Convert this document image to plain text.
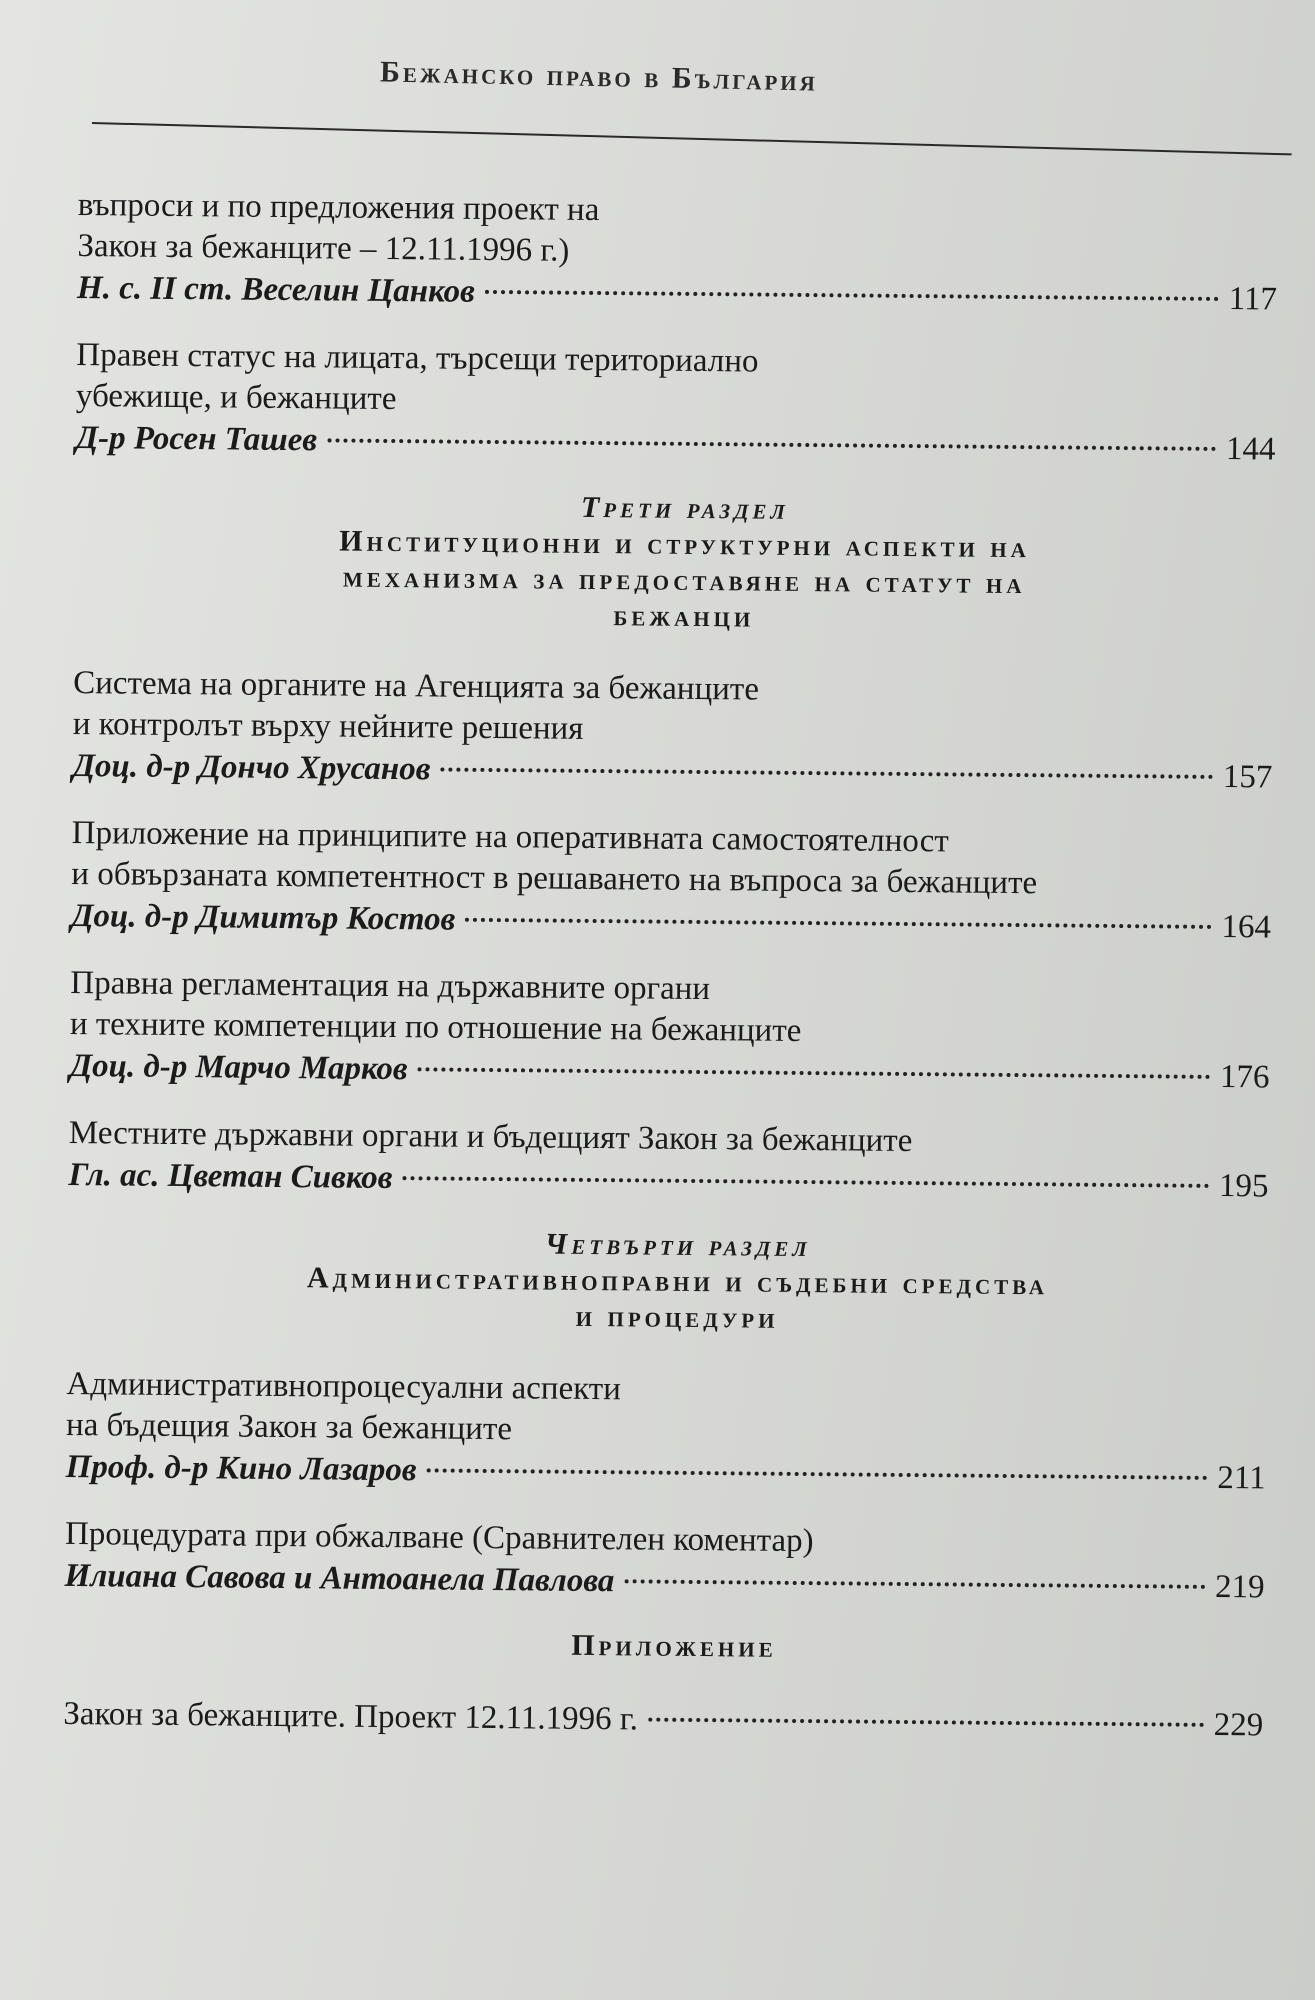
Бежанско право в България
въпроси и по предложения проект на
Закон за бежанците – 12.11.1996 г.)
Н. с. II ст. Веселин Цанков	117
Правен статус на лицата, търсещи териториално
убежище, и бежанците
Д-р Росен Ташев	144
Трети раздел
Институционни и структурни аспекти на
механизма за предоставяне на статут на
бежанци
Система на органите на Агенцията за бежанците
и контролът върху нейните решения
Доц. д-р Дончо Хрусанов	157
Приложение на принципите на оперативната самостоятелност
и обвързаната компетентност в решаването на въпроса за бежанците
Доц. д-р Димитър Костов	164
Правна регламентация на държавните органи
и техните компетенции по отношение на бежанците
Доц. д-р Марчо Марков	176
Местните държавни органи и бъдещият Закон за бежанците
Гл. ас. Цветан Сивков	195
Четвърти раздел
Административноправни и съдебни средства
и процедури
Административнопроцесуални аспекти
на бъдещия Закон за бежанците
Проф. д-р Кино Лазаров	211
Процедурата при обжалване (Сравнителен коментар)
Илиана Савова и Антоанела Павлова	219
Приложение
Закон за бежанците. Проект 12.11.1996 г.	229
